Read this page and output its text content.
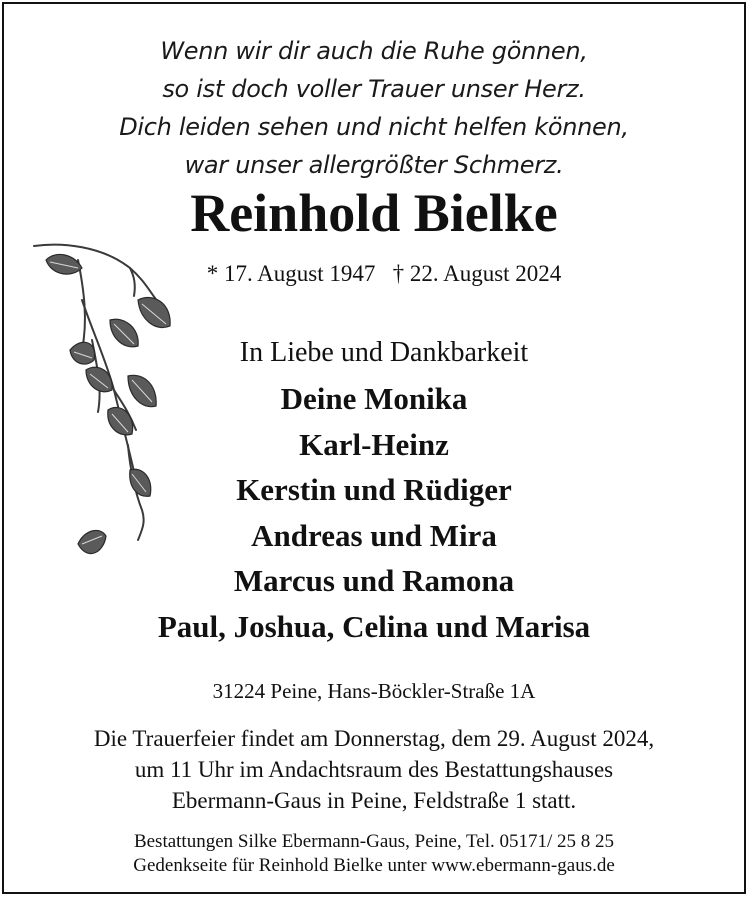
Wenn wir dir auch die Ruhe gönnen,
so ist doch voller Trauer unser Herz.
Dich leiden sehen und nicht helfen können,
war unser allergrößter Schmerz.
Reinhold Bielke
* 17. August 1947 † 22. August 2024
In Liebe und Dankbarkeit
Deine Monika
Karl-Heinz
Kerstin und Rüdiger
Andreas und Mira
Marcus und Ramona
Paul, Joshua, Celina und Marisa
31224 Peine, Hans-Böckler-Straße 1A
Die Trauerfeier findet am Donnerstag, dem 29. August 2024,
um 11 Uhr im Andachtsraum des Bestattungshauses
Ebermann-Gaus in Peine, Feldstraße 1 statt.
Bestattungen Silke Ebermann-Gaus, Peine, Tel. 05171/ 25 8 25
Gedenkseite für Reinhold Bielke unter www.ebermann-gaus.de
